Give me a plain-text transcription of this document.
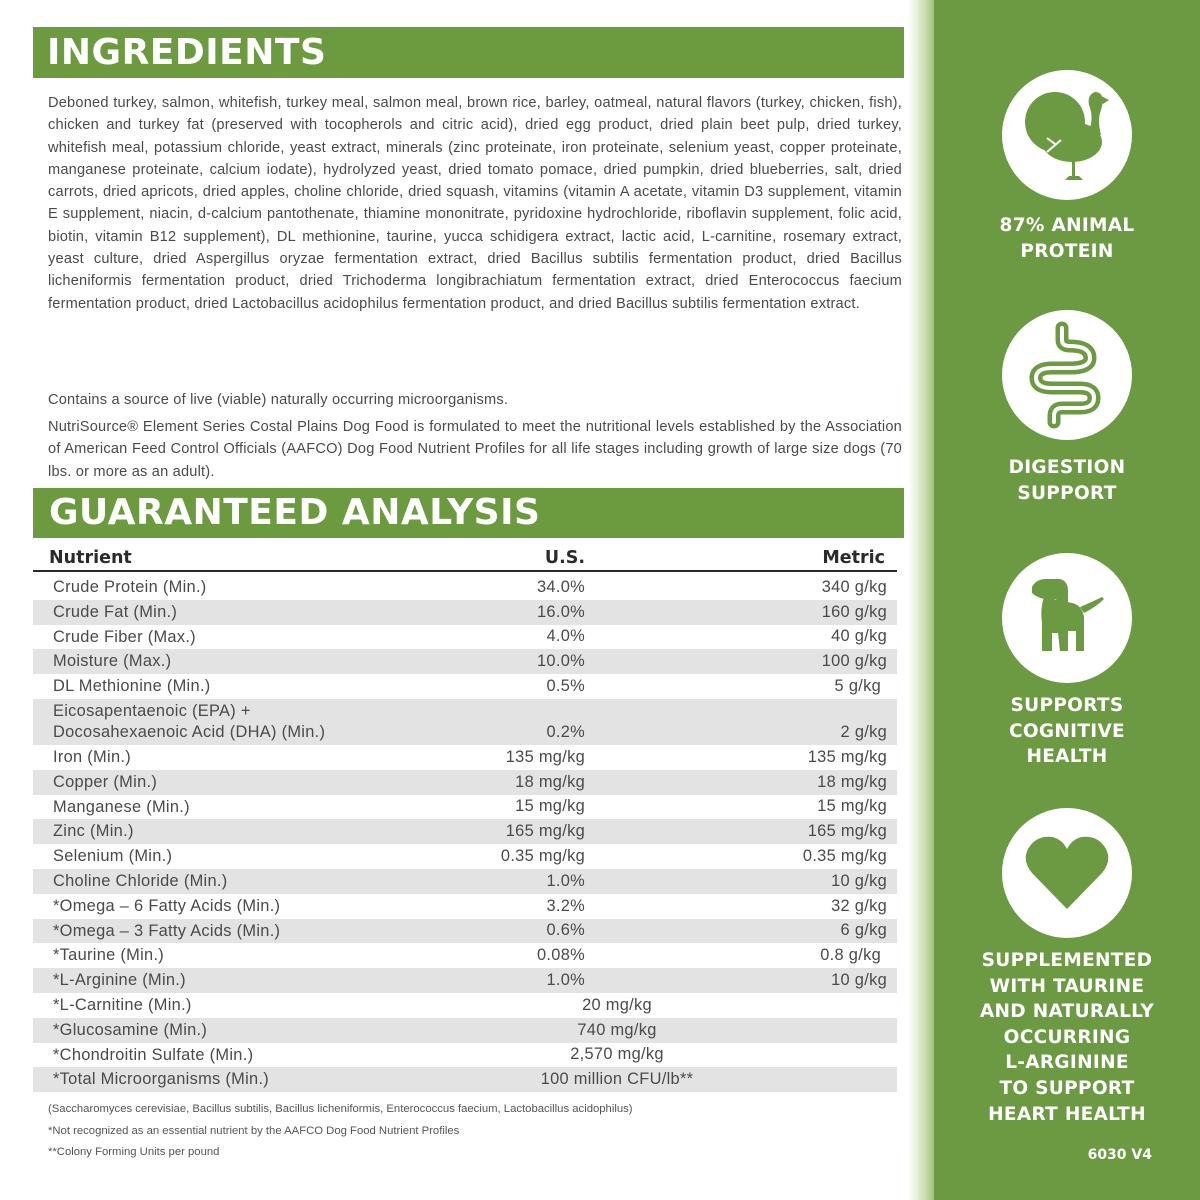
INGREDIENTS
Deboned turkey, salmon, whitefish, turkey meal, salmon meal, brown rice, barley, oatmeal, natural flavors (turkey, chicken, fish), chicken and turkey fat (preserved with tocopherols and citric acid), dried egg product, dried plain beet pulp, dried turkey, whitefish meal, potassium chloride, yeast extract, minerals (zinc proteinate, iron proteinate, selenium yeast, copper proteinate, manganese proteinate, calcium iodate), hydrolyzed yeast, dried tomato pomace, dried pumpkin, dried blueberries, salt, dried carrots, dried apricots, dried apples, choline chloride, dried squash, vitamins (vitamin A acetate, vitamin D3 supplement, vitamin E supplement, niacin, d-calcium pantothenate, thiamine mononitrate, pyridoxine hydrochloride, riboflavin supplement, folic acid, biotin, vitamin B12 supplement), DL methionine, taurine, yucca schidigera extract, lactic acid, L-carnitine, rosemary extract, yeast culture, dried Aspergillus oryzae fermentation extract, dried Bacillus subtilis fermentation product, dried Bacillus licheniformis fermentation product, dried Trichoderma longibrachiatum fermentation extract, dried Enterococcus faecium fermentation product, dried Lactobacillus acidophilus fermentation product, and dried Bacillus subtilis fermentation extract.
Contains a source of live (viable) naturally occurring microorganisms.
NutriSource® Element Series Costal Plains Dog Food is formulated to meet the nutritional levels established by the Association of American Feed Control Officials (AAFCO) Dog Food Nutrient Profiles for all life stages including growth of large size dogs (70 lbs. or more as an adult).
GUARANTEED ANALYSIS
Nutrient	U.S.	Metric
Crude Protein (Min.)	34.0%	340 g/kg
Crude Fat (Min.)	16.0%	160 g/kg
Crude Fiber (Max.)	4.0%	40 g/kg
Moisture (Max.)	10.0%	100 g/kg
DL Methionine (Min.)	0.5%	5 g/kg
Eicosapentaenoic (EPA) +
Docosahexaenoic Acid (DHA) (Min.)	0.2%	2 g/kg
Iron (Min.)	135 mg/kg	135 mg/kg
Copper (Min.)	18 mg/kg	18 mg/kg
Manganese (Min.)	15 mg/kg	15 mg/kg
Zinc (Min.)	165 mg/kg	165 mg/kg
Selenium (Min.)	0.35 mg/kg	0.35 mg/kg
Choline Chloride (Min.)	1.0%	10 g/kg
*Omega – 6 Fatty Acids (Min.)	3.2%	32 g/kg
*Omega – 3 Fatty Acids (Min.)	0.6%	6 g/kg
*Taurine (Min.)	0.08%	0.8 g/kg
*L-Arginine (Min.)	1.0%	10 g/kg
*L-Carnitine (Min.)	20 mg/kg
*Glucosamine (Min.)	740 mg/kg
*Chondroitin Sulfate (Min.)	2,570 mg/kg
*Total Microorganisms (Min.)	100 million CFU/lb**
(Saccharomyces cerevisiae, Bacillus subtilis, Bacillus licheniformis, Enterococcus faecium, Lactobacillus acidophilus)
*Not recognized as an essential nutrient by the AAFCO Dog Food Nutrient Profiles
**Colony Forming Units per pound
87% ANIMAL
PROTEIN
DIGESTION
SUPPORT
SUPPORTS
COGNITIVE
HEALTH
SUPPLEMENTED
WITH TAURINE
AND NATURALLY
OCCURRING
L-ARGININE
TO SUPPORT
HEART HEALTH
6030 V4
